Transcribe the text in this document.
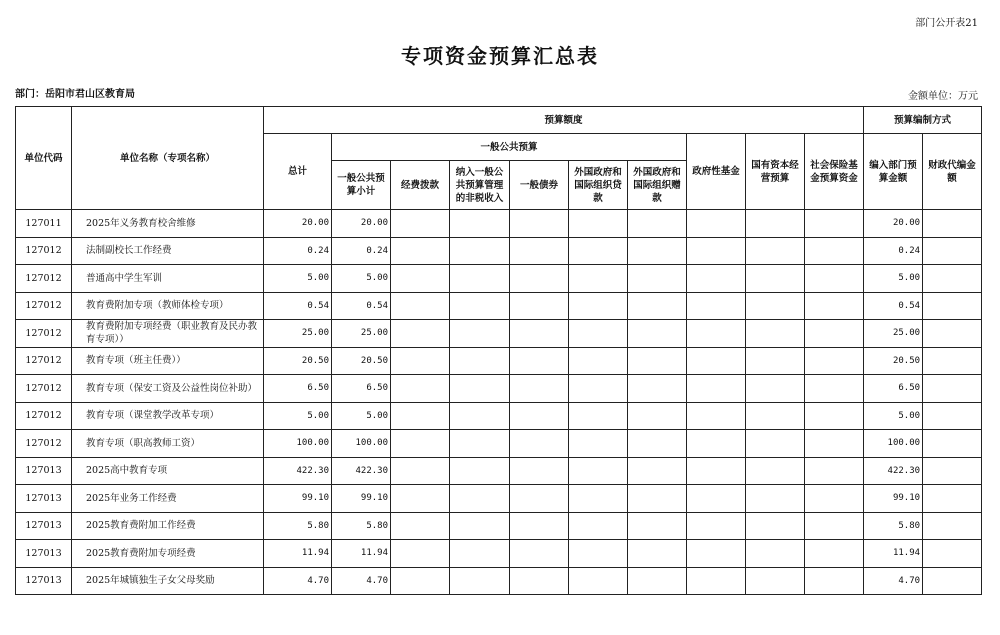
部门公开表21
专项资金预算汇总表
部门：岳阳市君山区教育局	金额单位：万元
单位代码	单位名称（专项名称）	预算额度										预算编制方式	
		总计	一般公共预算						政府性基金	国有资本经营预算	社会保险基金预算资金	编入部门预算金额	财政代编金额
			一般公共预算小计	经费拨款	纳入一般公共预算管理的非税收入	一般债券	外国政府和国际组织贷款	外国政府和国际组织赠款					
127011	2025年义务教育校舍维修	20.00	20.00									20.00	
127012	法制副校长工作经费	0.24	0.24									0.24	
127012	普通高中学生军训	5.00	5.00									5.00	
127012	教育费附加专项（教师体检专项）	0.54	0.54									0.54	
127012	教育费附加专项经费（职业教育及民办教育专项））	25.00	25.00									25.00	
127012	教育专项（班主任费））	20.50	20.50									20.50	
127012	教育专项（保安工资及公益性岗位补助）	6.50	6.50									6.50	
127012	教育专项（课堂教学改革专项）	5.00	5.00									5.00	
127012	教育专项（职高教师工资）	100.00	100.00									100.00	
127013	2025高中教育专项	422.30	422.30									422.30	
127013	2025年业务工作经费	99.10	99.10									99.10	
127013	2025教育费附加工作经费	5.80	5.80									5.80	
127013	2025教育费附加专项经费	11.94	11.94									11.94	
127013	2025年城镇独生子女父母奖励	4.70	4.70									4.70	
